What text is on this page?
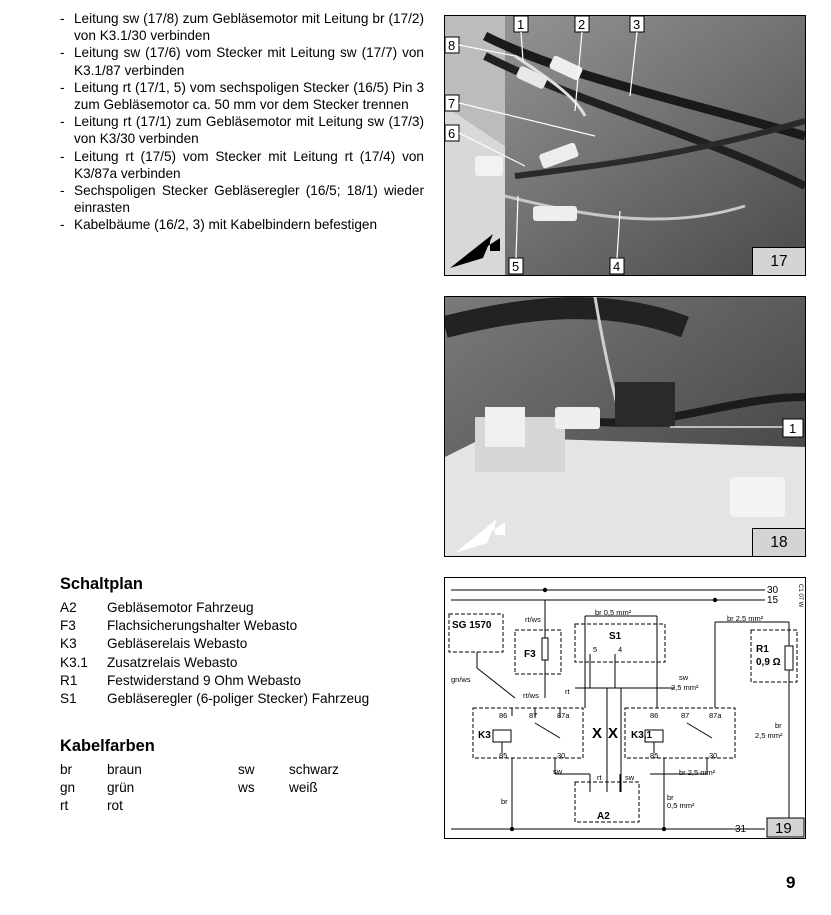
- Leitung sw (17/8) zum Gebläsemotor mit Leitung br (17/2) von K3.1/30 verbinden
- Leitung sw (17/6) vom Stecker mit Leitung sw (17/7) von K3.1/87 verbinden
- Leitung rt (17/1, 5) vom sechspoligen Stecker (16/5) Pin 3 zum Gebläsemotor ca. 50 mm vor dem Stecker trennen
- Leitung rt (17/1) zum Gebläsemotor mit Leitung sw (17/3) von K3/30 verbinden
- Leitung rt (17/5) vom Stecker mit Leitung rt (17/4) von K3/87a verbinden
- Sechspoligen Stecker Gebläseregler (16/5; 18/1) wieder einrasten
- Kabelbäume (16/2, 3) mit Kabelbindern befestigen
1	2	3
4
5
6
7
8
17
1
18
Schaltplan
A2	Gebläsemotor Fahrzeug
F3	Flachsicherungshalter Webasto
K3	Gebläserelais Webasto
K3.1	Zusatzrelais Webasto
R1	Festwiderstand 9 Ohm Webasto
S1	Gebläseregler (6-poliger Stecker) Fahrzeug
Kabelfarben
br	braun	sw	schwarz
gn	grün	ws	weiß
rt	rot
30
15
31
SG 1570
F3
S1
R1
0,9 Ω
K3	K3,1
A2
86	87	87a
85	30
86	87	87a
85	30
5	4
rt/ws
gn/ws
rt/ws
br 0,5 mm²
br 2,5 mm²
sw
2,5 mm²
br
2,5 mm²
rt
sw
rt	sw
br 2,5 mm²
br	br
0,5 mm²
C1 07 W
X X
19
9
